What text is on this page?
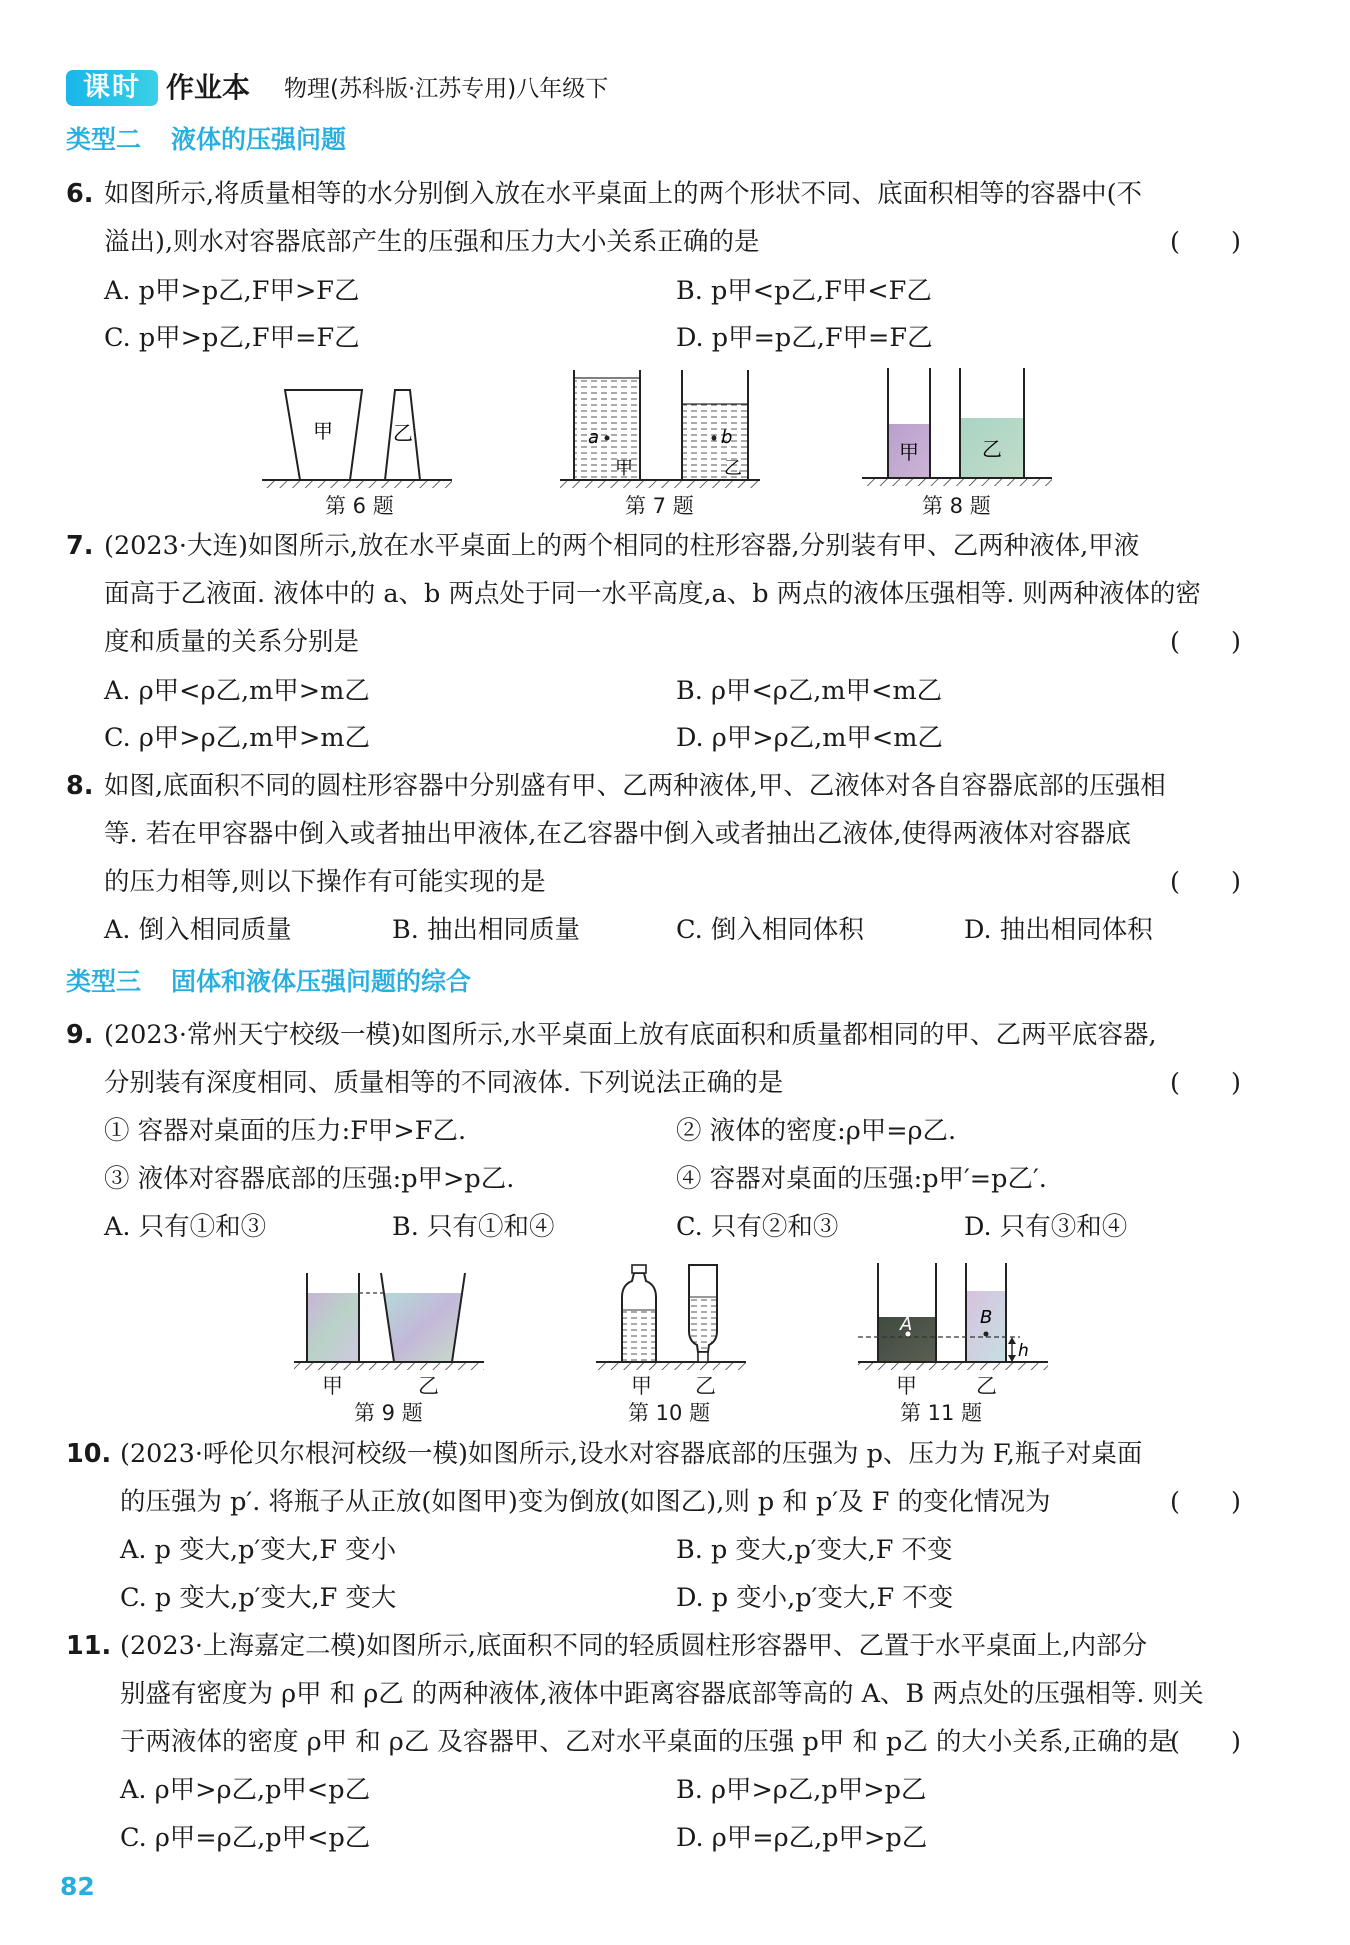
课时 作业本 物理(苏科版·江苏专用)八年级下
类型二 液体的压强问题
6. 如图所示,将质量相等的水分别倒入放在水平桌面上的两个形状不同、底面积相等的容器中(不
溢出),则水对容器底部产生的压强和压力大小关系正确的是	(　　)
A. p甲>p乙,F甲>F乙	B. p甲<p乙,F甲<F乙
C. p甲>p乙,F甲=F乙	D. p甲=p乙,F甲=F乙
甲	乙	a	b
甲	乙
甲	乙
第 6 题	第 7 题	第 8 题
7. (2023·大连)如图所示,放在水平桌面上的两个相同的柱形容器,分别装有甲、乙两种液体,甲液
面高于乙液面. 液体中的 a、b 两点处于同一水平高度,a、b 两点的液体压强相等. 则两种液体的密
度和质量的关系分别是	(　　)
A. ρ甲<ρ乙,m甲>m乙	B. ρ甲<ρ乙,m甲<m乙
C. ρ甲>ρ乙,m甲>m乙	D. ρ甲>ρ乙,m甲<m乙
8. 如图,底面积不同的圆柱形容器中分别盛有甲、乙两种液体,甲、乙液体对各自容器底部的压强相
等. 若在甲容器中倒入或者抽出甲液体,在乙容器中倒入或者抽出乙液体,使得两液体对容器底
的压力相等,则以下操作有可能实现的是	(　　)
A. 倒入相同质量	B. 抽出相同质量	C. 倒入相同体积	D. 抽出相同体积
类型三 固体和液体压强问题的综合
9. (2023·常州天宁校级一模)如图所示,水平桌面上放有底面积和质量都相同的甲、乙两平底容器,
分别装有深度相同、质量相等的不同液体. 下列说法正确的是	(　　)
① 容器对桌面的压力:F甲>F乙.	② 液体的密度:ρ甲=ρ乙.
③ 液体对容器底部的压强:p甲>p乙.	④ 容器对桌面的压强:p甲′=p乙′.
A. 只有①和③	B. 只有①和④	C. 只有②和③	D. 只有③和④
A	B
h
甲	乙	甲 乙	甲	乙
第 9 题	第 10 题	第 11 题
10. (2023·呼伦贝尔根河校级一模)如图所示,设水对容器底部的压强为 p、压力为 F,瓶子对桌面
的压强为 p′. 将瓶子从正放(如图甲)变为倒放(如图乙),则 p 和 p′及 F 的变化情况为	(　　)
A. p 变大,p′变大,F 变小	B. p 变大,p′变大,F 不变
C. p 变大,p′变大,F 变大	D. p 变小,p′变大,F 不变
11. (2023·上海嘉定二模)如图所示,底面积不同的轻质圆柱形容器甲、乙置于水平桌面上,内部分
别盛有密度为 ρ甲 和 ρ乙 的两种液体,液体中距离容器底部等高的 A、B 两点处的压强相等. 则关
于两液体的密度 ρ甲 和 ρ乙 及容器甲、乙对水平桌面的压强 p甲 和 p乙 的大小关系,正确的是
(　　)
A. ρ甲>ρ乙,p甲<p乙	B. ρ甲>ρ乙,p甲>p乙
C. ρ甲=ρ乙,p甲<p乙	D. ρ甲=ρ乙,p甲>p乙
82
